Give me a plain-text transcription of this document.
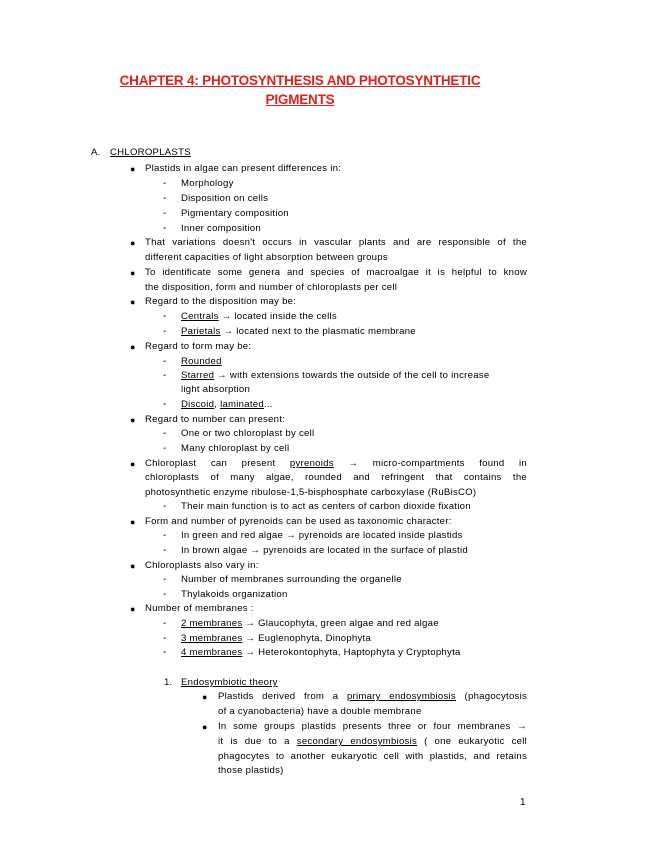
CHAPTER 4: PHOTOSYNTHESIS AND PHOTOSYNTHETIC
PIGMENTS
A. CHLOROPLASTS
● Plastids in algae can present differences in:
- Morphology
- Disposition on cells
- Pigmentary composition
- Inner composition
● That variations doesn't occurs in vascular plants and are responsible of the
different capacities of light absorption between groups
● To identificate some genera and species of macroalgae it is helpful to know
the disposition, form and number of chloroplasts per cell
● Regard to the disposition may be:
- Centrals → located inside the cells
- Parietals → located next to the plasmatic membrane
● Regard to form may be:
- Rounded
- Starred → with extensions towards the outside of the cell to increase
light absorption
- Discoid, laminated...
● Regard to number can present:
- One or two chloroplast by cell
- Many chloroplast by cell
● Chloroplast can present pyrenoids → micro-compartments found in
chloroplasts of many algae, rounded and refringent that contains the
photosynthetic enzyme ribulose-1,5-bisphosphate carboxylase (RuBisCO)
- Their main function is to act as centers of carbon dioxide fixation
● Form and number of pyrenoids can be used as taxonomic character:
- In green and red algae → pyrenoids are located inside plastids
- In brown algae → pyrenoids are located in the surface of plastid
● Chloroplasts also vary in:
- Number of membranes surrounding the organelle
- Thylakoids organization
● Number of membranes :
- 2 membranes → Glaucophyta, green algae and red algae
- 3 membranes → Euglenophyta, Dinophyta
- 4 membranes → Heterokontophyta, Haptophyta y Cryptophyta
1. Endosymbiotic theory
● Plastids derived from a primary endosymbiosis (phagocytosis
of a cyanobacteria) have a double membrane
● In some groups plastids presents three or four membranes →
it is due to a secondary endosymbiosis ( one eukaryotic cell
phagocytes to another eukaryotic cell with plastids, and retains
those plastids)
1
